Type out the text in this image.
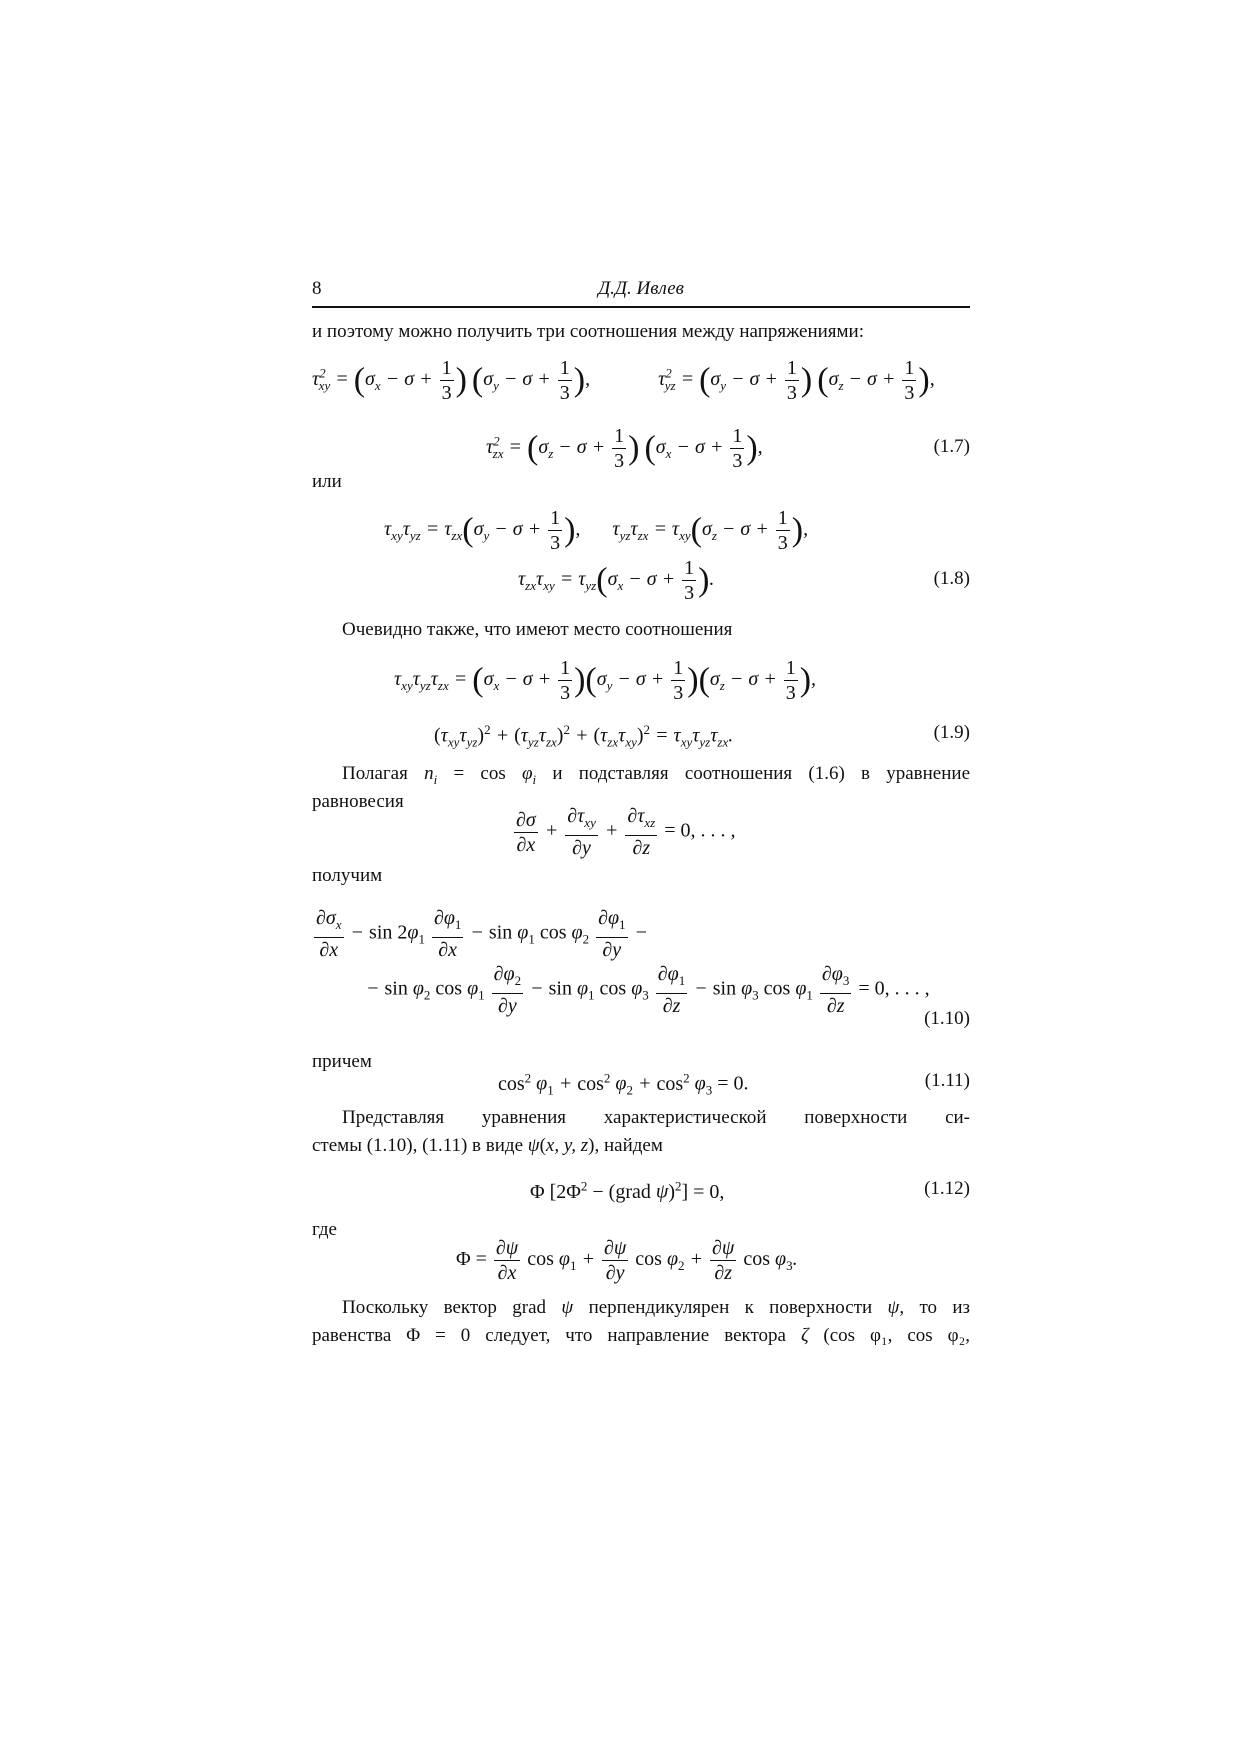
8	Д.Д. Ивлев
и поэтому можно получить три соотношения между напряжениями:
$\tau^2_{xy} = (\sigma_x - \sigma + \frac{1}{3}$ ) ($\sigma_y - \sigma + \frac{1}{3}$ ),	$\tau^2_{yz} = (\sigma_y - \sigma + \frac{1}{3}$ ) ($\sigma_z - \sigma + \frac{1}{3}$ ),
$\tau^2_{zx} = (\sigma_z - \sigma + \frac{1}{3}$ ) ($\sigma_x - \sigma + \frac{1}{3}$ ),	(1.7)
или
$\tau_{xy}\tau_{yz} = \tau_{zx}(\sigma_y - \sigma + \frac{1}{3}$ ),  $\tau_{yz}\tau_{zx} = \tau_{xy}(\sigma_z - \sigma + \frac{1}{3}$ ),
$\tau_{zx}\tau_{xy} = \tau_{yz}(\sigma_x - \sigma + \frac{1}{3}$ ).	(1.8)
Очевидно также, что имеют место соотношения
$\tau_{xy}\tau_{yz}\tau_{zx} = (\sigma_x - \sigma + \frac{1}{3} )(\sigma_y - \sigma + \frac{1}{3} )(\sigma_z - \sigma + \frac{1}{3}$ ),
$(\tau_{xy}\tau_{yz})^2 + (\tau_{yz}\tau_{zx})^2 + (\tau_{zx}\tau_{xy})^2 = \tau_{xy}\tau_{yz}\tau_{zx}$.	(1.9)
Полагая $n_i = \cos \varphi_i$ и подставляя соотношения (1.6) в уравнение
равновесия
$\frac{\partial\sigma}{\partial x} + \frac{\partial\tau_{xy}}{\partial y} + \frac{\partial\tau_{xz}}{\partial z} = 0$, . . . ,
получим
$\frac{\partial\sigma_x}{\partial x} - \sin 2\varphi_1 \frac{\partial\varphi_1}{\partial x} - \sin \varphi_1$ $\cos \varphi_2 \frac{\partial\varphi_1}{\partial y}$ −
− $\sin \varphi_2$ $\cos \varphi_1 \frac{\partial\varphi_2}{\partial y} - \sin \varphi_1$ $\cos \varphi_3 \frac{\partial\varphi_1}{\partial z} - \sin \varphi_3$ $\cos \varphi_1 \frac{\partial\varphi_3}{\partial z} = 0$, . . . ,
(1.10)
причем
$\cos^2 \varphi_1 + \cos^2 \varphi_2 + \cos^2 \varphi_3 = 0$.	(1.11)
Представляя уравнения характеристической поверхности си-
стемы (1.10), (1.11) в виде ψ(x, y, z), найдем
Φ [$2\Phi^2$ − (grad ψ)$^2$] = 0,	(1.12)
где
$\Phi = \frac{\partial\psi}{\partial x}$ $\cos \varphi_1 + \frac{\partial\psi}{\partial y}$ $\cos \varphi_2 + \frac{\partial\psi}{\partial z}$ $\cos \varphi_3$.
Поскольку вектор grad ψ перпендикулярен к поверхности ψ, то из
равенства Φ = 0 следует, что направление вектора ζ⃗(cos φ₁, cos φ₂,
